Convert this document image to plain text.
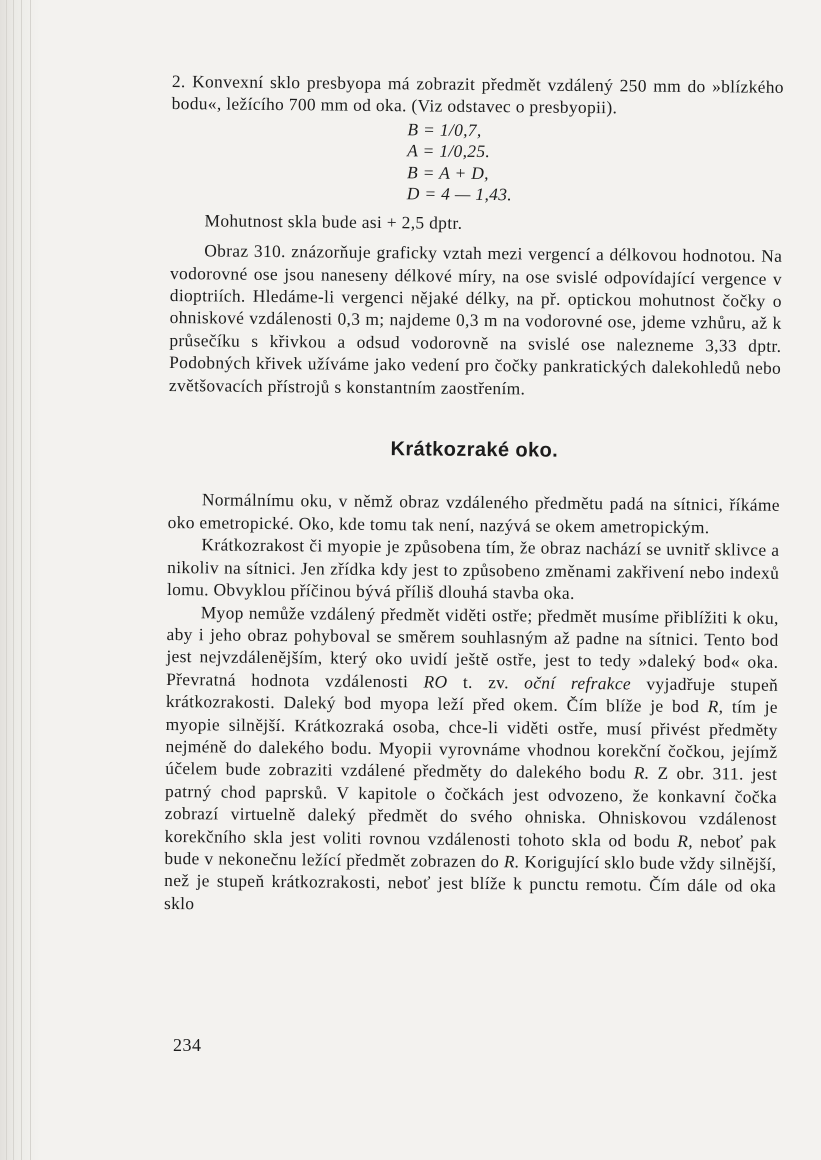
2. Konvexní sklo presbyopa má zobrazit předmět vzdálený 250 mm do »blízkého bodu«, ležícího 700 mm od oka. (Viz odstavec o presbyopii).

B = 1/0,7,
A = 1/0,25.
B = A + D,
D = 4 — 1,43.

Mohutnost skla bude asi + 2,5 dptr.

Obraz 310. znázorňuje graficky vztah mezi vergencí a délkovou hodnotou. Na vodorovné ose jsou naneseny délkové míry, na ose svislé odpovídající vergence v dioptriích. Hledáme-li vergenci nějaké délky, na př. optickou mohutnost čočky o ohniskové vzdálenosti 0,3 m; najdeme 0,3 m na vodorovné ose, jdeme vzhůru, až k průsečíku s křivkou a odsud vodorovně na svislé ose nalezneme 3,33 dptr. Podobných křivek užíváme jako vedení pro čočky pankratických dalekohledů nebo zvětšovacích přístrojů s konstantním zaostřením.

Krátkozraké oko.

Normálnímu oku, v němž obraz vzdáleného předmětu padá na sítnici, říkáme oko emetropické. Oko, kde tomu tak není, nazývá se okem ametropickým.

Krátkozrakost či myopie je způsobena tím, že obraz nachází se uvnitř sklivce a nikoliv na sítnici. Jen zřídka kdy jest to způsobeno změnami zakřivení nebo indexů lomu. Obvyklou příčinou bývá příliš dlouhá stavba oka.

Myop nemůže vzdálený předmět viděti ostře; předmět musíme přiblížiti k oku, aby i jeho obraz pohyboval se směrem souhlasným až padne na sítnici. Tento bod jest nejvzdálenějším, který oko uvidí ještě ostře, jest to tedy »daleký bod« oka. Převratná hodnota vzdálenosti RO t. zv. oční refrakce vyjadřuje stupeň krátkozrakosti. Daleký bod myopa leží před okem. Čím blíže je bod R, tím je myopie silnější. Krátkozraká osoba, chce-li viděti ostře, musí přivést předměty nejméně do dalekého bodu. Myopii vyrovnáme vhodnou korekční čočkou, jejímž účelem bude zobraziti vzdálené předměty do dalekého bodu R. Z obr. 311. jest patrný chod paprsků. V kapitole o čočkách jest odvozeno, že konkavní čočka zobrazí virtuelně daleký předmět do svého ohniska. Ohniskovou vzdálenost korekčního skla jest voliti rovnou vzdálenosti tohoto skla od bodu R, neboť pak bude v nekonečnu ležící předmět zobrazen do R. Korigující sklo bude vždy silnější, než je stupeň krátkozrakosti, neboť jest blíže k punctu remotu. Čím dále od oka sklo

234
